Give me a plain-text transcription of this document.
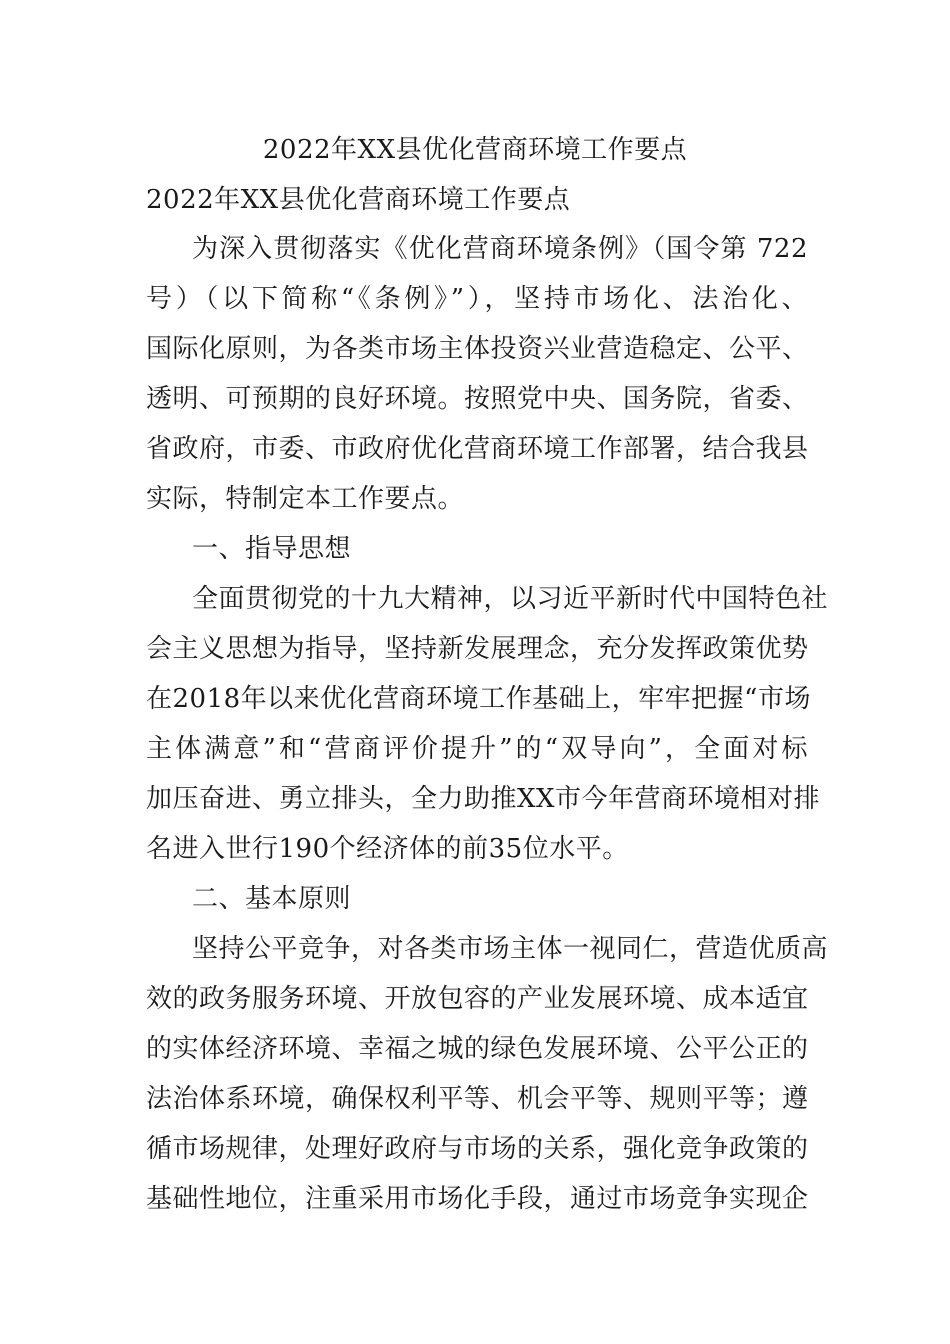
2022年XX县优化营商环境工作要点
2022年XX县优化营商环境工作要点
为深入贯彻落实《优化营商环境条例》（国令第 722
号）（以下简称“《条例》”），坚持市场化、法治化、
国际化原则，为各类市场主体投资兴业营造稳定、公平、
透明、可预期的良好环境。按照党中央、国务院，省委、
省政府，市委、市政府优化营商环境工作部署，结合我县
实际，特制定本工作要点。
一、指导思想
全面贯彻党的十九大精神，以习近平新时代中国特色社
会主义思想为指导，坚持新发展理念，充分发挥政策优势
在2018年以来优化营商环境工作基础上，牢牢把握“市场
主体满意”和“营商评价提升”的“双导向”，全面对标
加压奋进、勇立排头，全力助推XX市今年营商环境相对排
名进入世行190个经济体的前35位水平。
二、基本原则
坚持公平竞争，对各类市场主体一视同仁，营造优质高
效的政务服务环境、开放包容的产业发展环境、成本适宜
的实体经济环境、幸福之城的绿色发展环境、公平公正的
法治体系环境，确保权利平等、机会平等、规则平等；遵
循市场规律，处理好政府与市场的关系，强化竞争政策的
基础性地位，注重采用市场化手段，通过市场竞争实现企
